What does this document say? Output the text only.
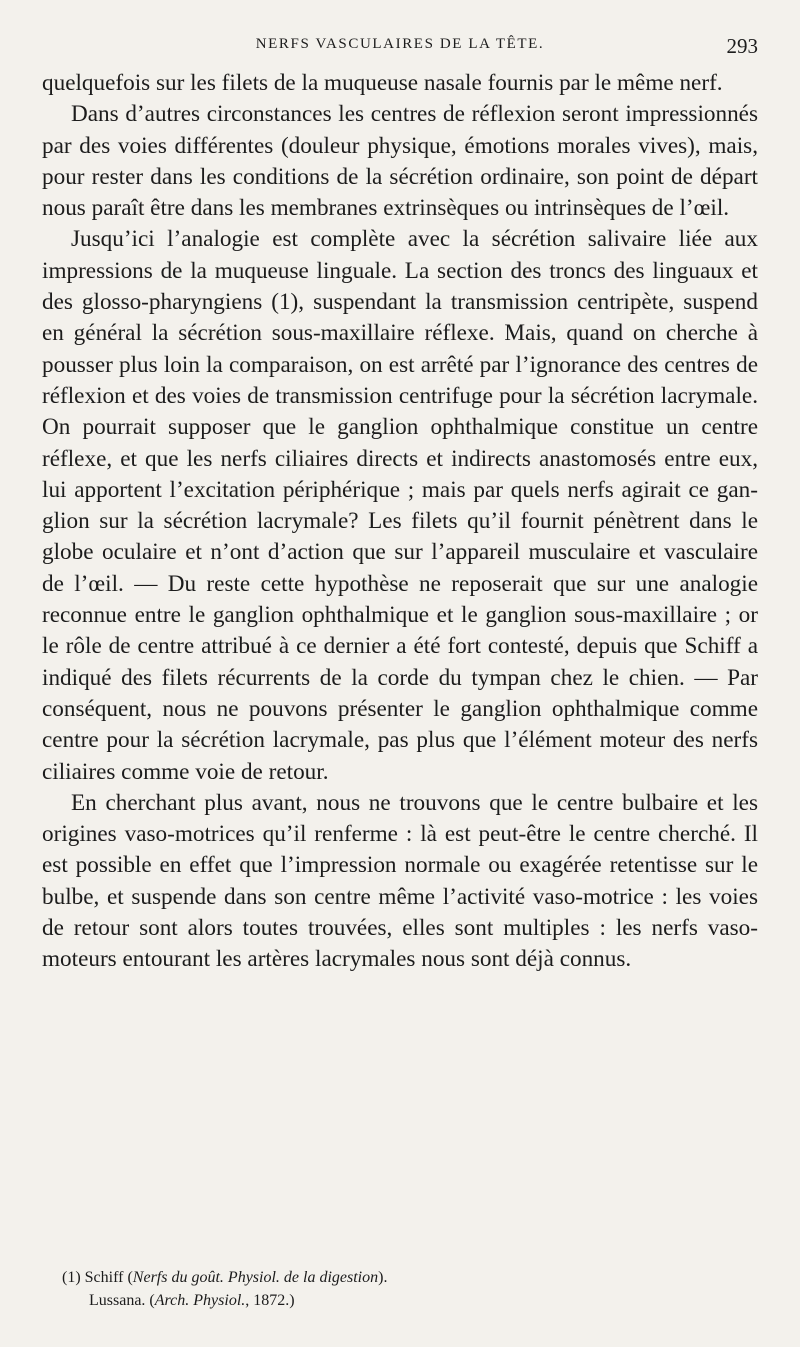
NERFS VASCULAIRES DE LA TÊTE.	293

quelquefois sur les filets de la muqueuse nasale fournis par le même nerf.

Dans d’autres circonstances les centres de réflexion seront impressionnés par des voies différentes (douleur physique, émotions morales vives), mais, pour rester dans les conditions de la sécrétion ordinaire, son point de départ nous paraît être dans les membranes extrinsèques ou intrinsèques de l’œil.

Jusqu’ici l’analogie est complète avec la sécrétion salivaire liée aux impressions de la muqueuse linguale. La section des troncs des linguaux et des glosso-pharyngiens (1), suspendant la transmission centripète, suspend en général la sécrétion sous-maxillaire réflexe. Mais, quand on cherche à pousser plus loin la comparaison, on est arrêté par l’ignorance des centres de réflexion et des voies de transmission centrifuge pour la sécrétion lacrymale. On pourrait supposer que le ganglion ophthalmique constitue un centre réflexe, et que les nerfs ciliaires directs et indirects anastomosés entre eux, lui apportent l’excitation périphérique ; mais par quels nerfs agirait ce ganglion sur la sécrétion lacrymale? Les filets qu’il fournit pénètrent dans le globe oculaire et n’ont d’action que sur l’appareil musculaire et vasculaire de l’œil. — Du reste cette hypothèse ne reposerait que sur une analogie reconnue entre le ganglion ophthalmique et le ganglion sous-maxillaire ; or le rôle de centre attribué à ce dernier a été fort contesté, depuis que Schiff a indiqué des filets récurrents de la corde du tympan chez le chien. — Par conséquent, nous ne pouvons présenter le ganglion ophthalmique comme centre pour la sécrétion lacrymale, pas plus que l’élément moteur des nerfs ciliaires comme voie de retour.

En cherchant plus avant, nous ne trouvons que le centre bulbaire et les origines vaso-motrices qu’il renferme : là est peut-être le centre cherché. Il est possible en effet que l’impression normale ou exagérée retentisse sur le bulbe, et suspende dans son centre même l’activité vaso-motrice : les voies de retour sont alors toutes trouvées, elles sont multiples : les nerfs vaso-moteurs entourant les artères lacrymales nous sont déjà connus.

(1) Schiff (Nerfs du goût. Physiol. de la digestion).

Lussana. (Arch. Physiol., 1872.)
